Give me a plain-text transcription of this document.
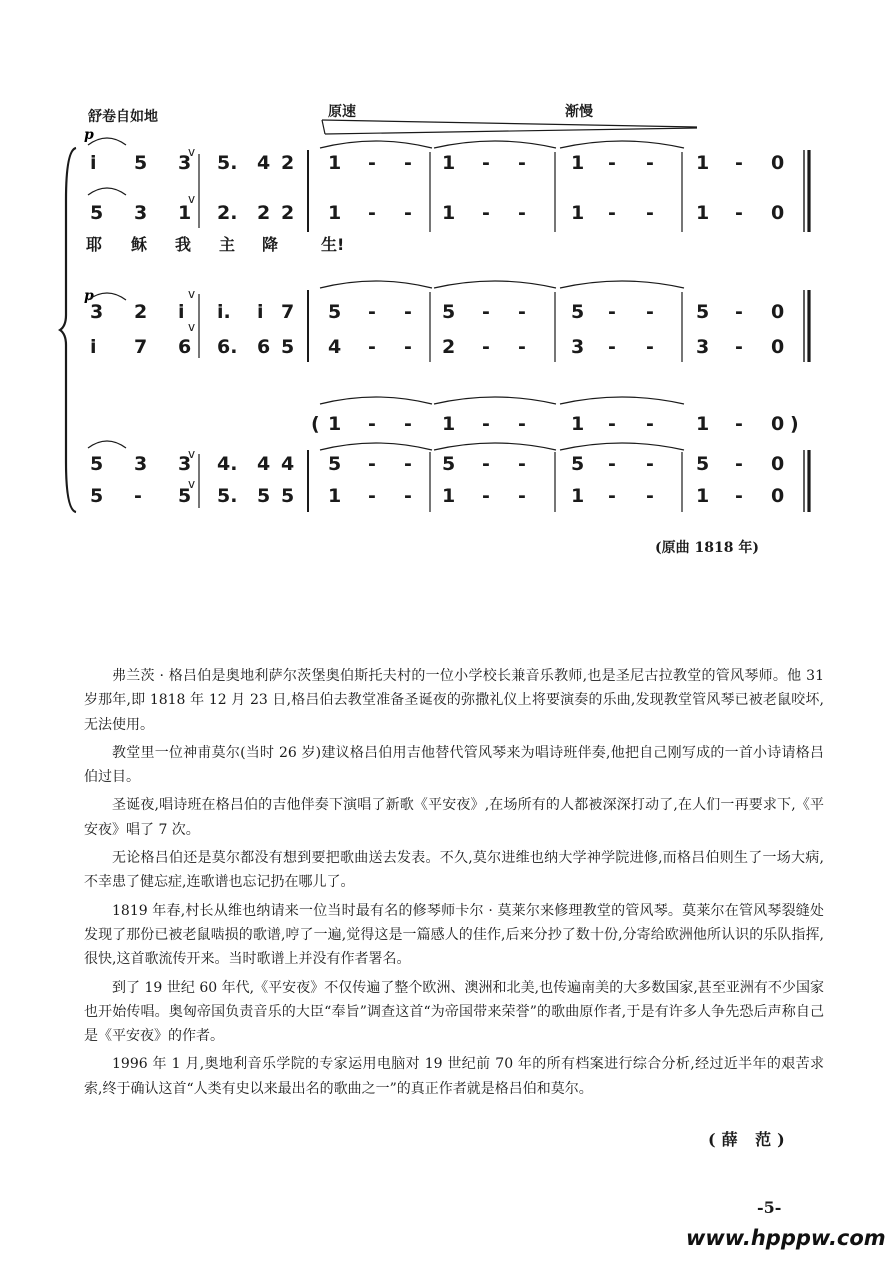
舒卷自如地	原速	渐慢
p
p
i 5 3 5. 4 2 1 - - 1 - - 1 - - 1 - 0
5 3 1 2. 2 2 1 - - 1 - - 1 - - 1 - 0
3 2 i i. i 7 5 - - 5 - - 5 - - 5 - 0
i 7 6 6. 6 5 4 - - 2 - - 3 - - 3 - 0
5 3 3 4. 4 4 5 - - 5 - - 5 - - 5 - 0
5 - 5 5. 5 5 1 - - 1 - - 1 - - 1 - 0
v
v
v
v
v
v
耶 稣 我 主 降	生!
(	)
1 - - 1 - - 1 - - 1 - 0
(原曲 1818 年)

弗兰茨 · 格吕伯是奥地利萨尔茨堡奥伯斯托夫村的一位小学校长兼音乐教师,也是圣尼古拉教堂的管风琴师。他 31 岁那年,即 1818 年 12 月 23 日,格吕伯去教堂准备圣诞夜的弥撒礼仪上将要演奏的乐曲,发现教堂管风琴已被老鼠咬坏,无法使用。

教堂里一位神甫莫尔(当时 26 岁)建议格吕伯用吉他替代管风琴来为唱诗班伴奏,他把自己刚写成的一首小诗请格吕伯过目。

圣诞夜,唱诗班在格吕伯的吉他伴奏下演唱了新歌《平安夜》,在场所有的人都被深深打动了,在人们一再要求下,《平安夜》唱了 7 次。

无论格吕伯还是莫尔都没有想到要把歌曲送去发表。不久,莫尔进维也纳大学神学院进修,而格吕伯则生了一场大病,不幸患了健忘症,连歌谱也忘记扔在哪儿了。

1819 年春,村长从维也纳请来一位当时最有名的修琴师卡尔 · 莫莱尔来修理教堂的管风琴。莫莱尔在管风琴裂缝处发现了那份已被老鼠啮损的歌谱,哼了一遍,觉得这是一篇感人的佳作,后来分抄了数十份,分寄给欧洲他所认识的乐队指挥,很快,这首歌流传开来。当时歌谱上并没有作者署名。

到了 19 世纪 60 年代,《平安夜》不仅传遍了整个欧洲、澳洲和北美,也传遍南美的大多数国家,甚至亚洲有不少国家也开始传唱。奥匈帝国负责音乐的大臣“奉旨”调查这首“为帝国带来荣誉”的歌曲原作者,于是有许多人争先恐后声称自己是《平安夜》的作者。

1996 年 1 月,奥地利音乐学院的专家运用电脑对 19 世纪前 70 年的所有档案进行综合分析,经过近半年的艰苦求索,终于确认这首“人类有史以来最出名的歌曲之一”的真正作者就是格吕伯和莫尔。

(薛 范)
-5-
www.hpppw.com
